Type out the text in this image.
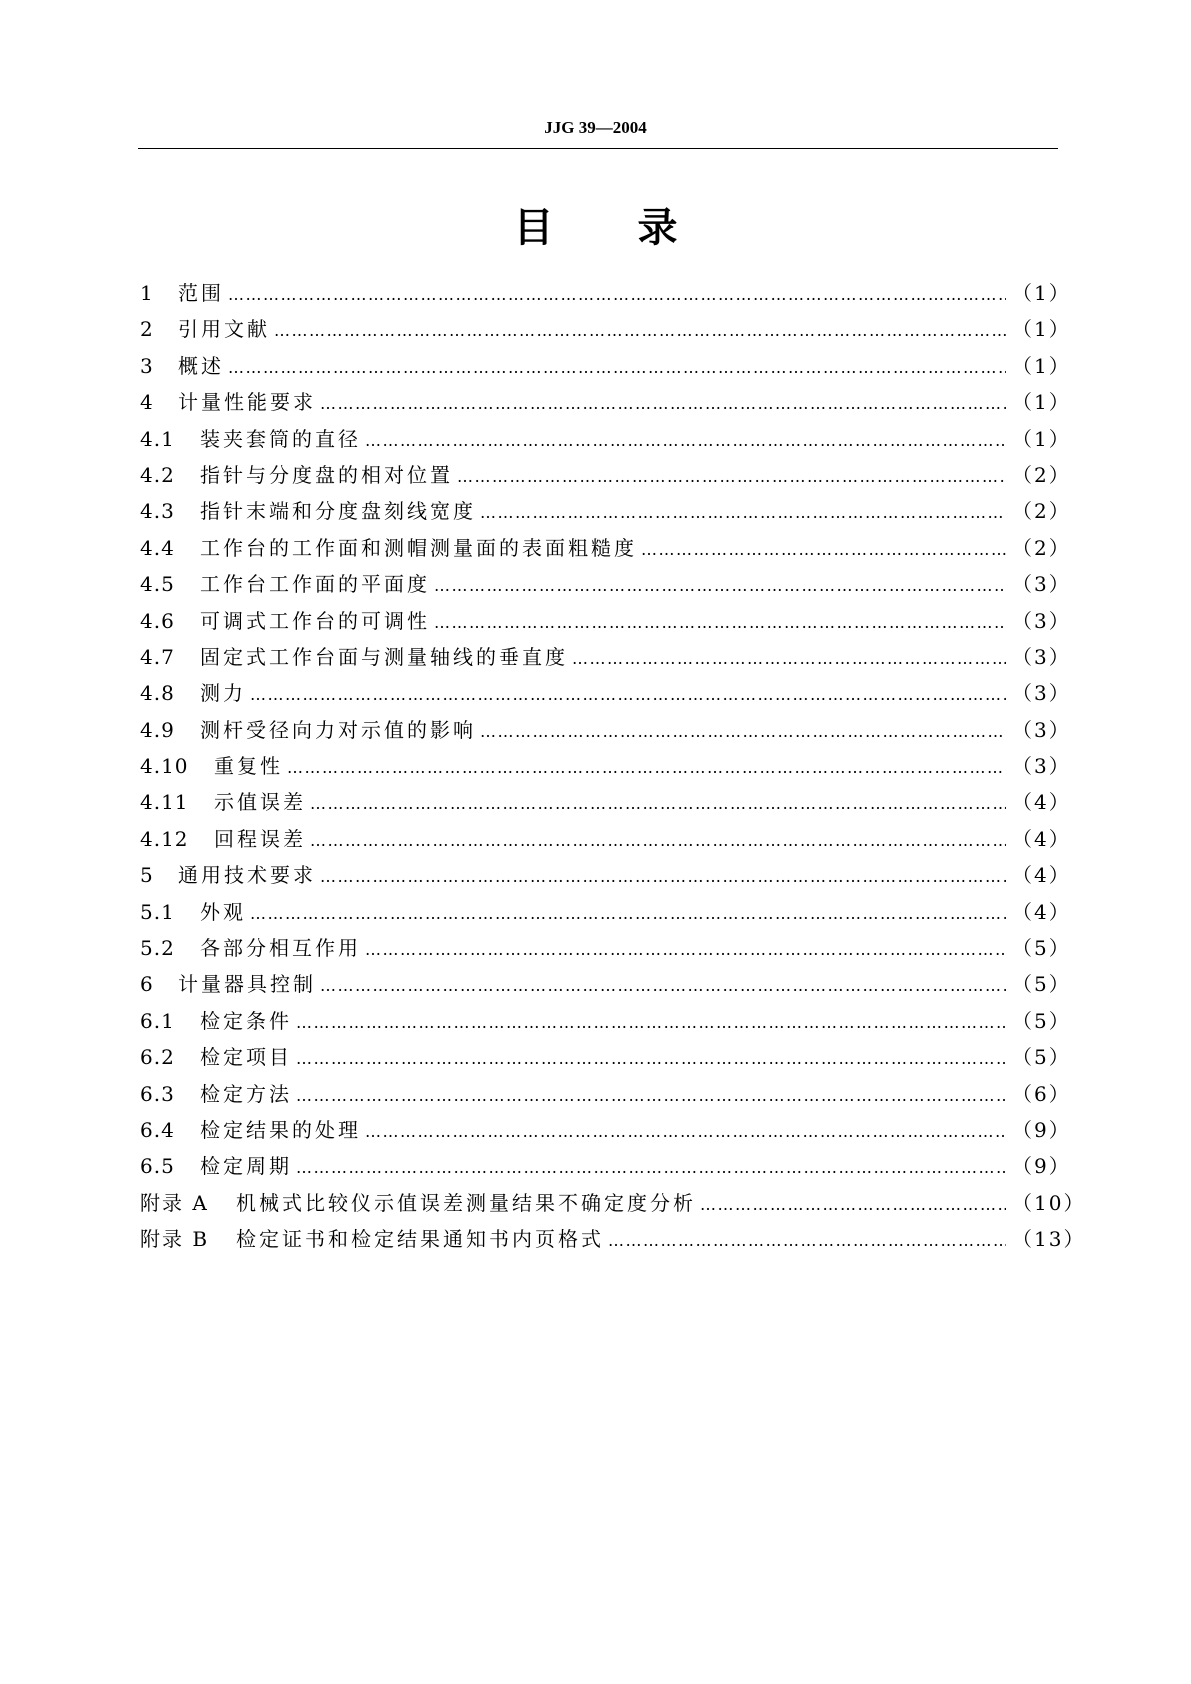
JJG 39—2004
目 录
1	范围 ……………………………………………………………………………………………………………………………………………………………………………………	（1）
2	引用文献 ……………………………………………………………………………………………………………………………………………………………………………………	（1）
3	概述 ……………………………………………………………………………………………………………………………………………………………………………………	（1）
4	计量性能要求 ……………………………………………………………………………………………………………………………………………………………………………………	（1）
4.1	装夹套筒的直径 ……………………………………………………………………………………………………………………………………………………………………………………	（1）
4.2	指针与分度盘的相对位置 ……………………………………………………………………………………………………………………………………………………………………………………	（2）
4.3	指针末端和分度盘刻线宽度 ……………………………………………………………………………………………………………………………………………………………………………………	（2）
4.4	工作台的工作面和测帽测量面的表面粗糙度 ……………………………………………………………………………………………………………………………………………………………………………………	（2）
4.5	工作台工作面的平面度 ……………………………………………………………………………………………………………………………………………………………………………………	（3）
4.6	可调式工作台的可调性 ……………………………………………………………………………………………………………………………………………………………………………………	（3）
4.7	固定式工作台面与测量轴线的垂直度 ……………………………………………………………………………………………………………………………………………………………………………………	（3）
4.8	测力 ……………………………………………………………………………………………………………………………………………………………………………………	（3）
4.9	测杆受径向力对示值的影响 ……………………………………………………………………………………………………………………………………………………………………………………	（3）
4.10	重复性 ……………………………………………………………………………………………………………………………………………………………………………………	（3）
4.11	示值误差 ……………………………………………………………………………………………………………………………………………………………………………………	（4）
4.12	回程误差 ……………………………………………………………………………………………………………………………………………………………………………………	（4）
5	通用技术要求 ……………………………………………………………………………………………………………………………………………………………………………………	（4）
5.1	外观 ……………………………………………………………………………………………………………………………………………………………………………………	（4）
5.2	各部分相互作用 ……………………………………………………………………………………………………………………………………………………………………………………	（5）
6	计量器具控制 ……………………………………………………………………………………………………………………………………………………………………………………	（5）
6.1	检定条件 ……………………………………………………………………………………………………………………………………………………………………………………	（5）
6.2	检定项目 ……………………………………………………………………………………………………………………………………………………………………………………	（5）
6.3	检定方法 ……………………………………………………………………………………………………………………………………………………………………………………	（6）
6.4	检定结果的处理 ……………………………………………………………………………………………………………………………………………………………………………………	（9）
6.5	检定周期 ……………………………………………………………………………………………………………………………………………………………………………………	（9）
附录 A	机械式比较仪示值误差测量结果不确定度分析 ……………………………………………………………………………………………………………………………………………………………………………………	（10）
附录 B	检定证书和检定结果通知书内页格式 ……………………………………………………………………………………………………………………………………………………………………………………	（13）
